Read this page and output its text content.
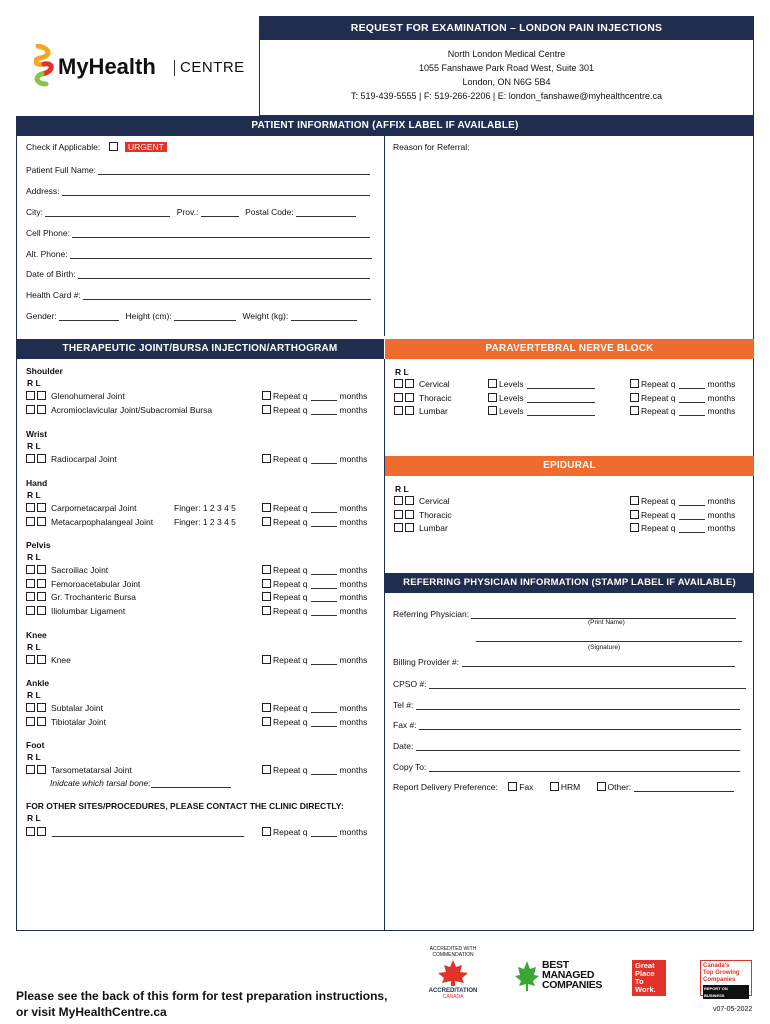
MyHealth CENTRE
REQUEST FOR EXAMINATION – LONDON PAIN INJECTIONS
North London Medical Centre
1055 Fanshawe Park Road West, Suite 301
London, ON N6G 5B4
T: 519-439-5555 | F: 519-266-2206 | E: london_fanshawe@myhealthcentre.ca
PATIENT INFORMATION (AFFIX LABEL IF AVAILABLE)
Check if Applicable:	URGENT	Reason for Referral:
Patient Full Name:
Address:
City:	Prov.:	Postal Code:
Cell Phone:
Alt. Phone:
Date of Birth:
Health Card #:
Gender:	Height (cm):	Weight (kg):
THERAPEUTIC JOINT/BURSA INJECTION/ARTHOGRAM	PARAVERTEBRAL NERVE BLOCK
Shoulder
R L
Glenohumeral Joint	Repeat q	months
Acromioclavicular Joint/Subacromial Bursa	Repeat q	months
Wrist
R L
Radiocarpal Joint	Repeat q	months
Hand
R L
Carpometacarpal Joint	Finger: 1 2 3 4 5	Repeat q	months
Metacarpophalangeal Joint Finger: 1 2 3 4 5	Repeat q	months
Pelvis
R L
Sacroiliac Joint	Repeat q	months
Femoroacetabular Joint	Repeat q	months
Gr. Trochanteric Bursa	Repeat q	months
Iliolumbar Ligament	Repeat q	months
Knee
R L
Knee	Repeat q	months
Ankle
R L
Subtalar Joint	Repeat q	months
Tibiotalar Joint	Repeat q	months
Foot
R L
Tarsometatarsal Joint	Repeat q	months
Inidcate which tarsal bone:
FOR OTHER SITES/PROCEDURES, PLEASE CONTACT THE CLINIC DIRECTLY:
R L
Repeat q	months
R L
Cervical	Levels	Repeat q	months
Thoracic	Levels	Repeat q	months
Lumbar	Levels	Repeat q	months
EPIDURAL
R L
Cervical	Repeat q	months
Thoracic	Repeat q	months
Lumbar	Repeat q	months
REFERRING PHYSICIAN INFORMATION (STAMP LABEL IF AVAILABLE)
Referring Physician:
(Print Name)
(Signature)
Billing Provider #:
CPSO #:
Tel #:
Fax #:
Date:
Copy To:
Report Delivery Preference:	Fax	HRM	Other:
Please see the back of this form for test preparation instructions,
or visit MyHealthCentre.ca
ACCREDITED WITH COMMENDATION
ACCREDITATION
CANADA
BEST
MANAGED
COMPANIES
Great
Place
To
Work.
Canada's
Top Growing
Companies
REPORT ON BUSINESS
v07-05-2022
